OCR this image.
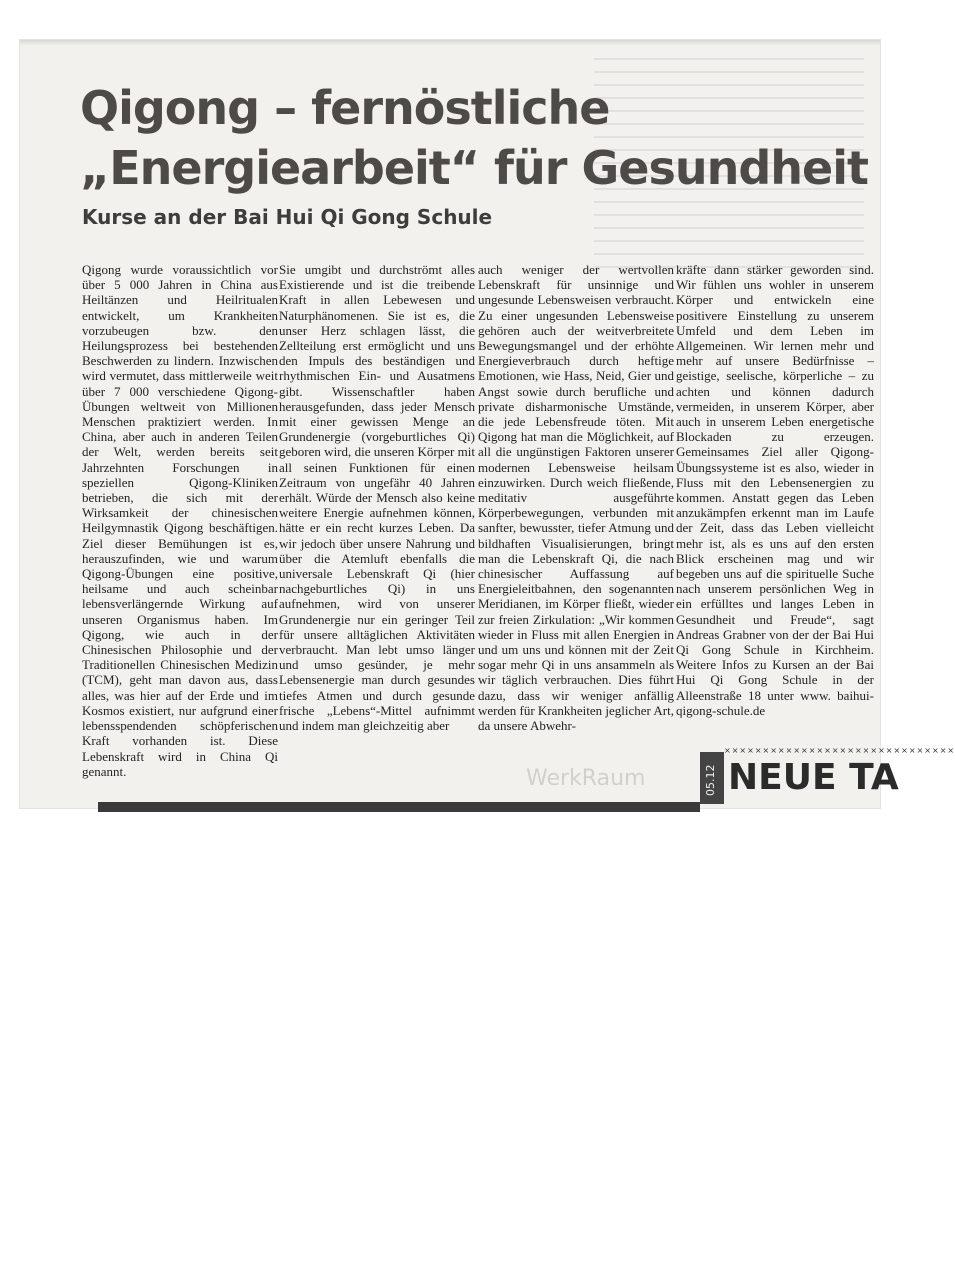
Qigong – fernöstliche „Energiearbeit“ für Gesundheit
Kurse an der Bai Hui Qi Gong Schule

Qigong wurde voraussichtlich vor über 5 000 Jahren in China aus Heiltänzen und Heilritualen entwickelt, um Krankheiten vorzubeugen bzw. den Heilungsprozess bei bestehenden Beschwerden zu lindern. Inzwischen wird vermutet, dass mittlerweile weit über 7 000 verschiedene Qigong-Übungen weltweit von Millionen Menschen praktiziert werden. In China, aber auch in anderen Teilen der Welt, werden bereits seit Jahrzehnten Forschungen in speziellen Qigong-Kliniken betrieben, die sich mit der Wirksamkeit der chinesischen Heilgymnastik Qigong beschäftigen. Ziel dieser Bemühungen ist es, herauszufinden, wie und warum Qigong-Übungen eine positive, heilsame und auch scheinbar lebensverlängernde Wirkung auf unseren Organismus haben. Im Qigong, wie auch in der Chinesischen Philosophie und der Traditionellen Chinesischen Medizin (TCM), geht man davon aus, dass alles, was hier auf der Erde und im Kosmos existiert, nur aufgrund einer lebensspendenden schöpferischen Kraft vorhanden ist. Diese Lebenskraft wird in China Qi genannt.

Sie umgibt und durchströmt alles Existierende und ist die treibende Kraft in allen Lebewesen und Naturphänomenen. Sie ist es, die unser Herz schlagen lässt, die Zellteilung erst ermöglicht und uns den Impuls des beständigen und rhythmischen Ein- und Ausatmens gibt. Wissenschaftler haben herausgefunden, dass jeder Mensch mit einer gewissen Menge an Grundenergie (vorgeburtliches Qi) geboren wird, die unseren Körper mit all seinen Funktionen für einen Zeitraum von ungefähr 40 Jahren erhält. Würde der Mensch also keine weitere Energie aufnehmen können, hätte er ein recht kurzes Leben. Da wir jedoch über unsere Nahrung und über die Atemluft ebenfalls die universale Lebenskraft Qi (hier nachgeburtliches Qi) in uns aufnehmen, wird von unserer Grundenergie nur ein geringer Teil für unsere alltäglichen Aktivitäten verbraucht. Man lebt umso länger und umso gesünder, je mehr Lebensenergie man durch gesundes tiefes Atmen und durch gesunde frische „Lebens“-Mittel aufnimmt und indem man gleichzeitig aber

auch weniger der wertvollen Lebenskraft für unsinnige und ungesunde Lebensweisen verbraucht. Zu einer ungesunden Lebensweise gehören auch der weitverbreitete Bewegungsmangel und der erhöhte Energieverbrauch durch heftige Emotionen, wie Hass, Neid, Gier und Angst sowie durch berufliche und private disharmonische Umstände, die jede Lebensfreude töten. Mit Qigong hat man die Möglichkeit, auf all die ungünstigen Faktoren unserer modernen Lebensweise heilsam einzuwirken. Durch weich fließende, meditativ ausgeführte Körperbewegungen, verbunden mit sanfter, bewusster, tiefer Atmung und bildhaften Visualisierungen, bringt man die Lebenskraft Qi, die nach chinesischer Auffassung auf Energieleitbahnen, den sogenannten Meridianen, im Körper fließt, wieder zur freien Zirkulation: „Wir kommen wieder in Fluss mit allen Energien in und um uns und können mit der Zeit sogar mehr Qi in uns ansammeln als wir täglich verbrauchen. Dies führt dazu, dass wir weniger anfällig werden für Krankheiten jeglicher Art, da unsere Abwehr-

kräfte dann stärker geworden sind. Wir fühlen uns wohler in unserem Körper und entwickeln eine positivere Einstellung zu unserem Umfeld und dem Leben im Allgemeinen. Wir lernen mehr und mehr auf unsere Bedürfnisse – geistige, seelische, körperliche – zu achten und können dadurch vermeiden, in unserem Körper, aber auch in unserem Leben energetische Blockaden zu erzeugen. Gemeinsames Ziel aller Qigong-Übungssysteme ist es also, wieder in Fluss mit den Lebensenergien zu kommen. Anstatt gegen das Leben anzukämpfen erkennt man im Laufe der Zeit, dass das Leben vielleicht mehr ist, als es uns auf den ersten Blick erscheinen mag und wir begeben uns auf die spirituelle Suche nach unserem persönlichen Weg in ein erfülltes und langes Leben in Gesundheit und Freude“, sagt Andreas Grabner von der der Bai Hui Qi Gong Schule in Kirchheim. Weitere Infos zu Kursen an der Bai Hui Qi Gong Schule in der Alleenstraße 18 unter www. baihui-qigong-schule.de

WerkRaum
××××××××××××××××××××××××××××××
05.12 NEUE TA
